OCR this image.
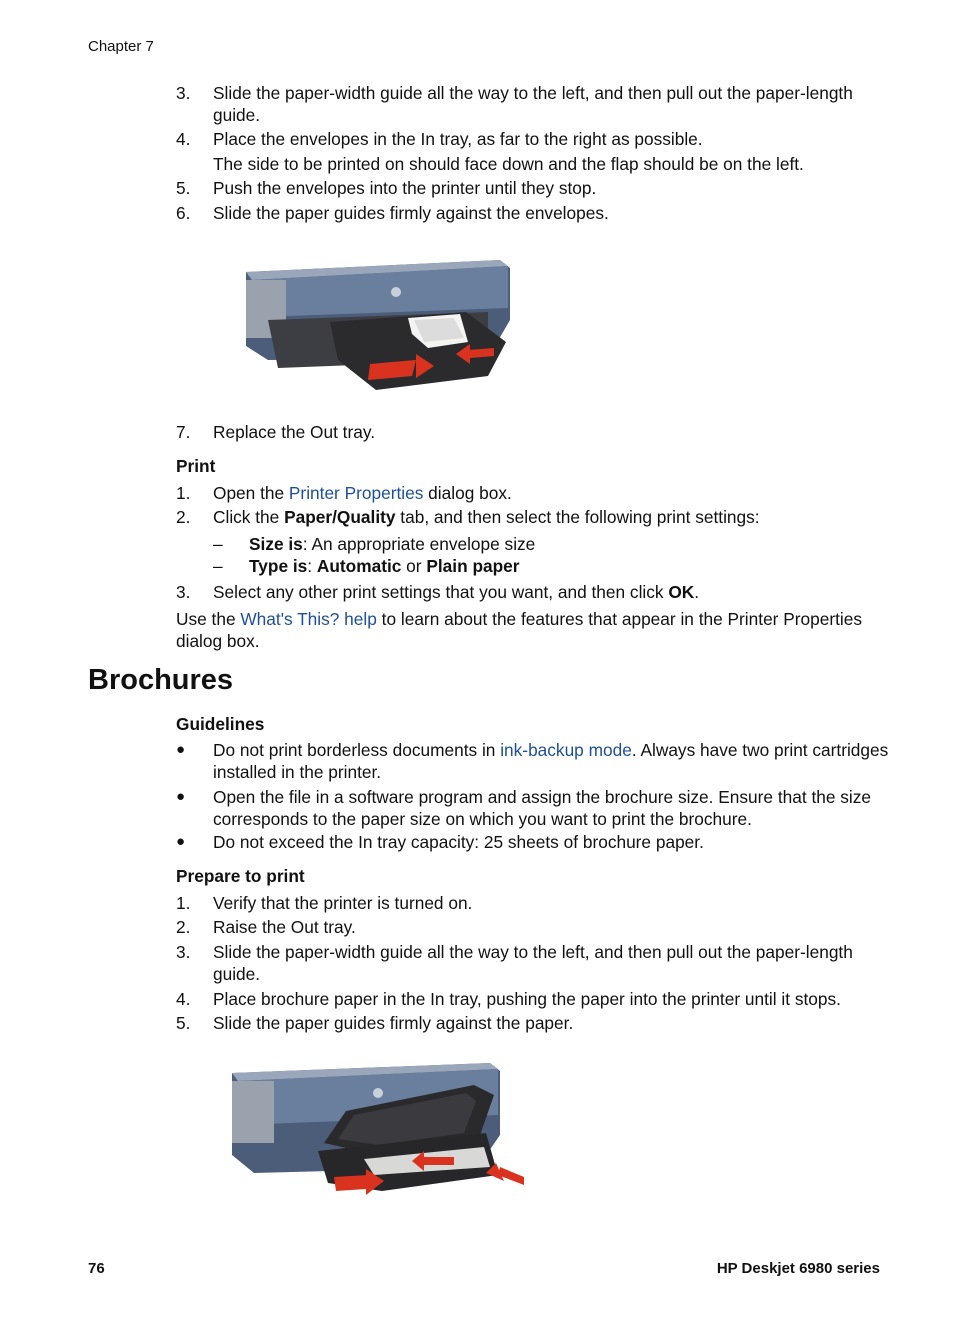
Chapter 7
3.	Slide the paper-width guide all the way to the left, and then pull out the paper-length guide.
4.	Place the envelopes in the In tray, as far to the right as possible.
The side to be printed on should face down and the flap should be on the left.
5.	Push the envelopes into the printer until they stop.
6.	Slide the paper guides firmly against the envelopes.
7.	Replace the Out tray.
Print
1.	Open the Printer Properties dialog box.
2.	Click the Paper/Quality tab, and then select the following print settings:
– Size is: An appropriate envelope size
– Type is: Automatic or Plain paper
3.	Select any other print settings that you want, and then click OK.
Use the What's This? help to learn about the features that appear in the Printer Properties dialog box.
Brochures
Guidelines
● Do not print borderless documents in ink-backup mode. Always have two print cartridges installed in the printer.
● Open the file in a software program and assign the brochure size. Ensure that the size corresponds to the paper size on which you want to print the brochure.
● Do not exceed the In tray capacity: 25 sheets of brochure paper.
Prepare to print
1.	Verify that the printer is turned on.
2.	Raise the Out tray.
3.	Slide the paper-width guide all the way to the left, and then pull out the paper-length guide.
4.	Place brochure paper in the In tray, pushing the paper into the printer until it stops.
5.	Slide the paper guides firmly against the paper.
76	HP Deskjet 6980 series
